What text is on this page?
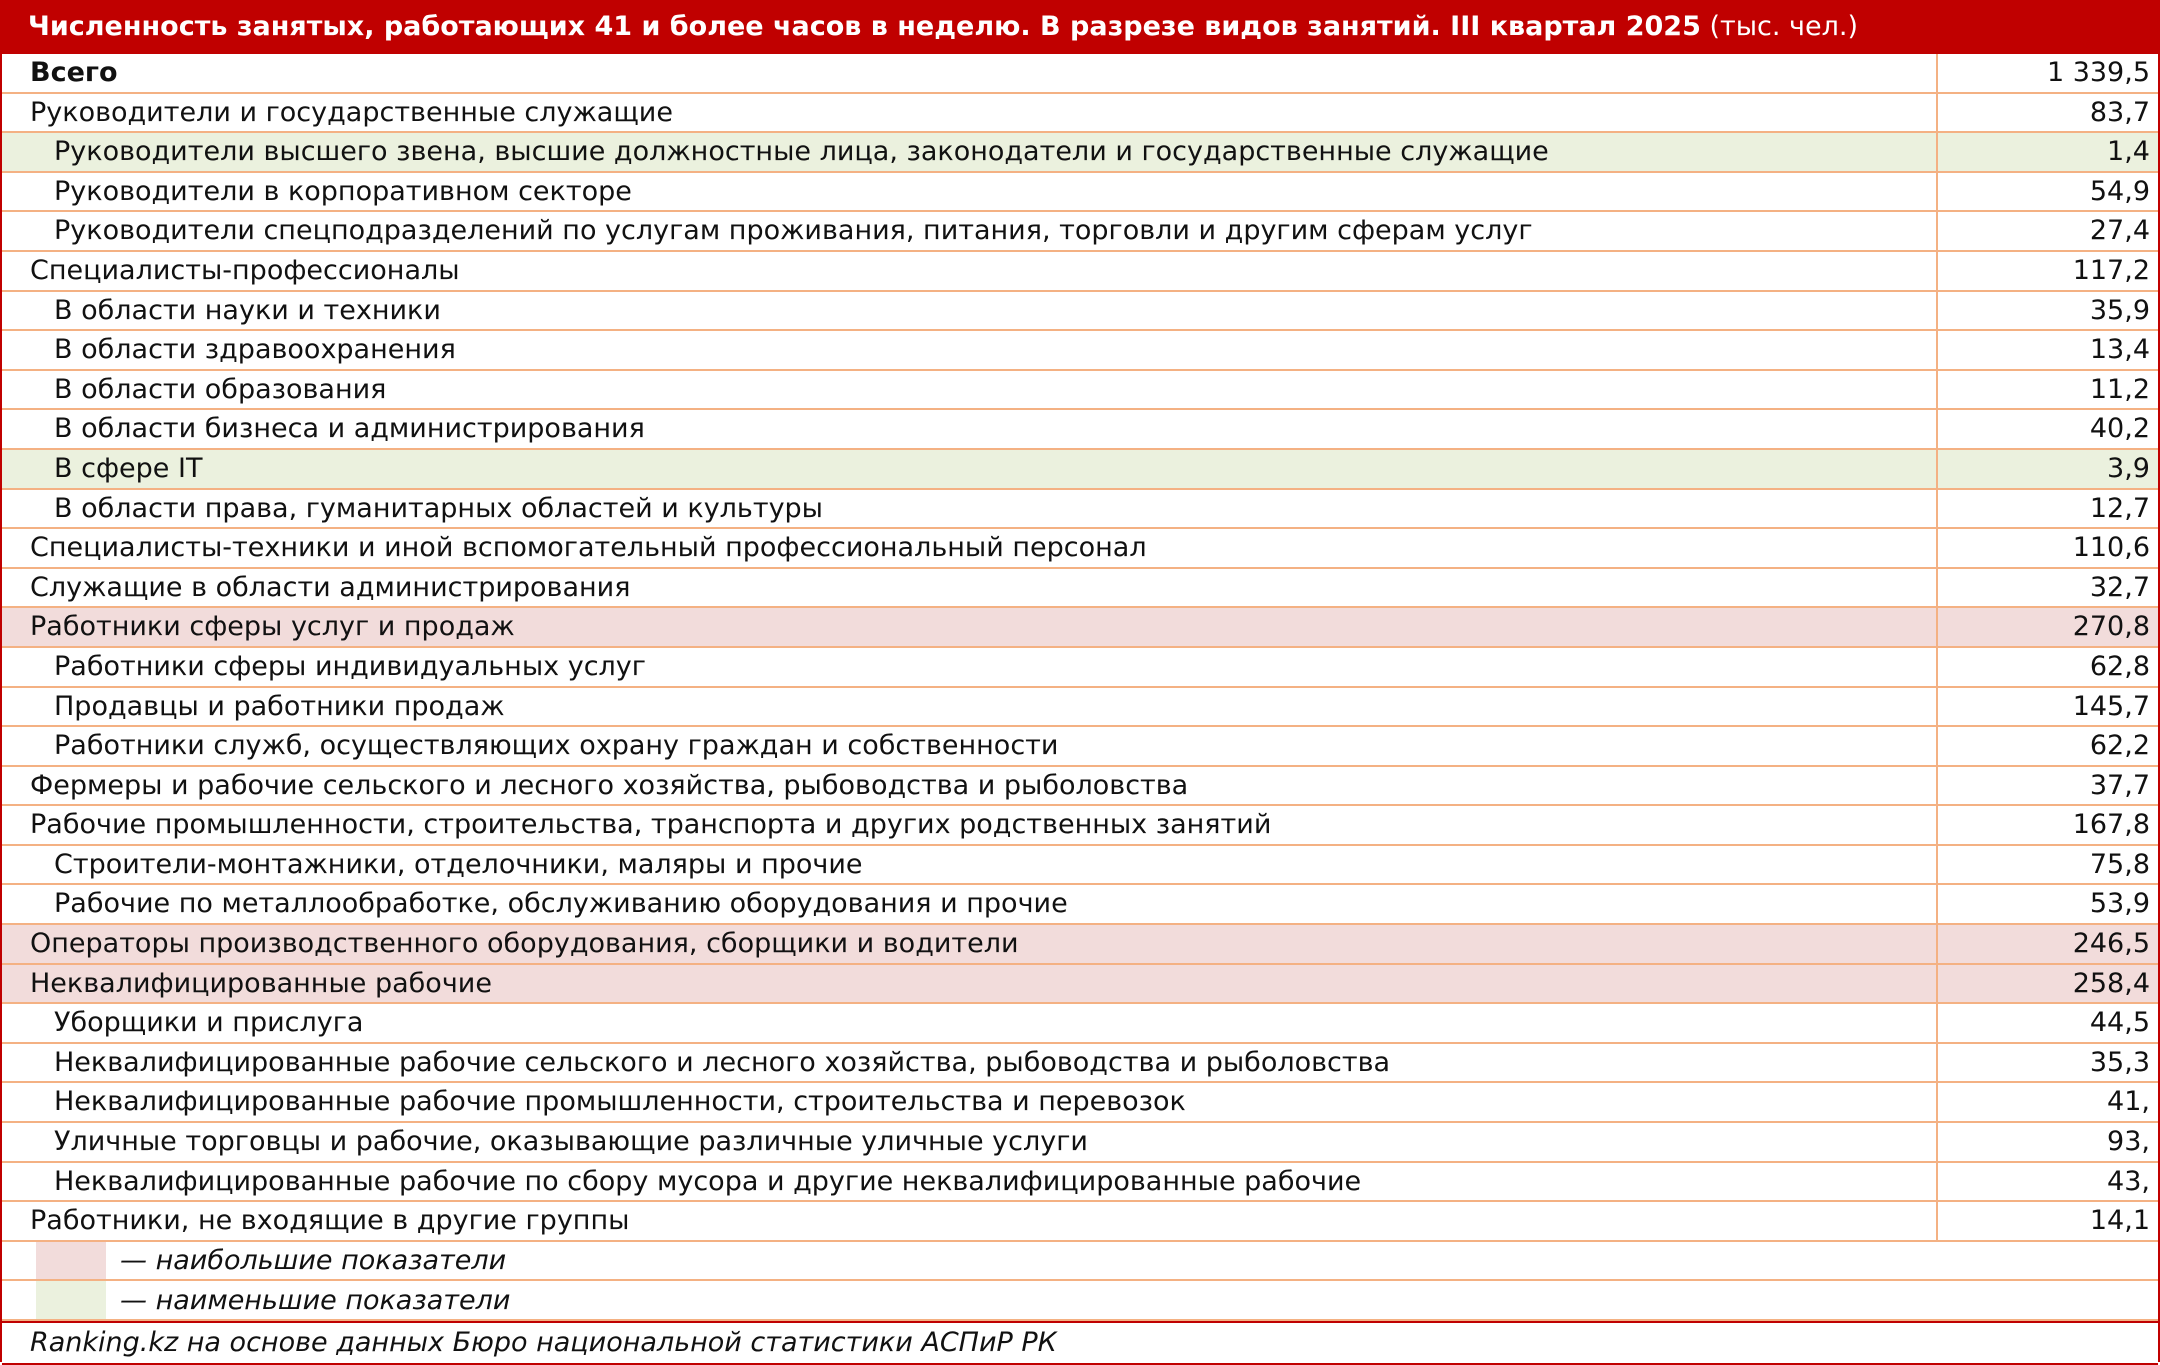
Численность занятых, работающих 41 и более часов в неделю. В разрезе видов занятий. III квартал 2025 (тыс. чел.)
Всего	1 339,5
Руководители и государственные служащие	83,7
Руководители высшего звена, высшие должностные лица, законодатели и государственные служащие	1,4
Руководители в корпоративном секторе	54,9
Руководители спецподразделений по услугам проживания, питания, торговли и другим сферам услуг	27,4
Специалисты-профессионалы	117,2
В области науки и техники	35,9
В области здравоохранения	13,4
В области образования	11,2
В области бизнеса и администрирования	40,2
В сфере IT	3,9
В области права, гуманитарных областей и культуры	12,7
Специалисты-техники и иной вспомогательный профессиональный персонал	110,6
Служащие в области администрирования	32,7
Работники сферы услуг и продаж	270,8
Работники сферы индивидуальных услуг	62,8
Продавцы и работники продаж	145,7
Работники служб, осуществляющих охрану граждан и собственности	62,2
Фермеры и рабочие сельского и лесного хозяйства, рыбоводства и рыболовства	37,7
Рабочие промышленности, строительства, транспорта и других родственных занятий	167,8
Строители-монтажники, отделочники, маляры и прочие	75,8
Рабочие по металлообработке, обслуживанию оборудования и прочие	53,9
Операторы производственного оборудования, сборщики и водители	246,5
Неквалифицированные рабочие	258,4
Уборщики и прислуга	44,5
Неквалифицированные рабочие сельского и лесного хозяйства, рыбоводства и рыболовства	35,3
Неквалифицированные рабочие промышленности, строительства и перевозок	41,
Уличные торговцы и рабочие, оказывающие различные уличные услуги	93,
Неквалифицированные рабочие по сбору мусора и другие неквалифицированные рабочие	43,
Работники, не входящие в другие группы	14,1
— наибольшие показатели
— наименьшие показатели
Ranking.kz на основе данных Бюро национальной статистики АСПиР РК
